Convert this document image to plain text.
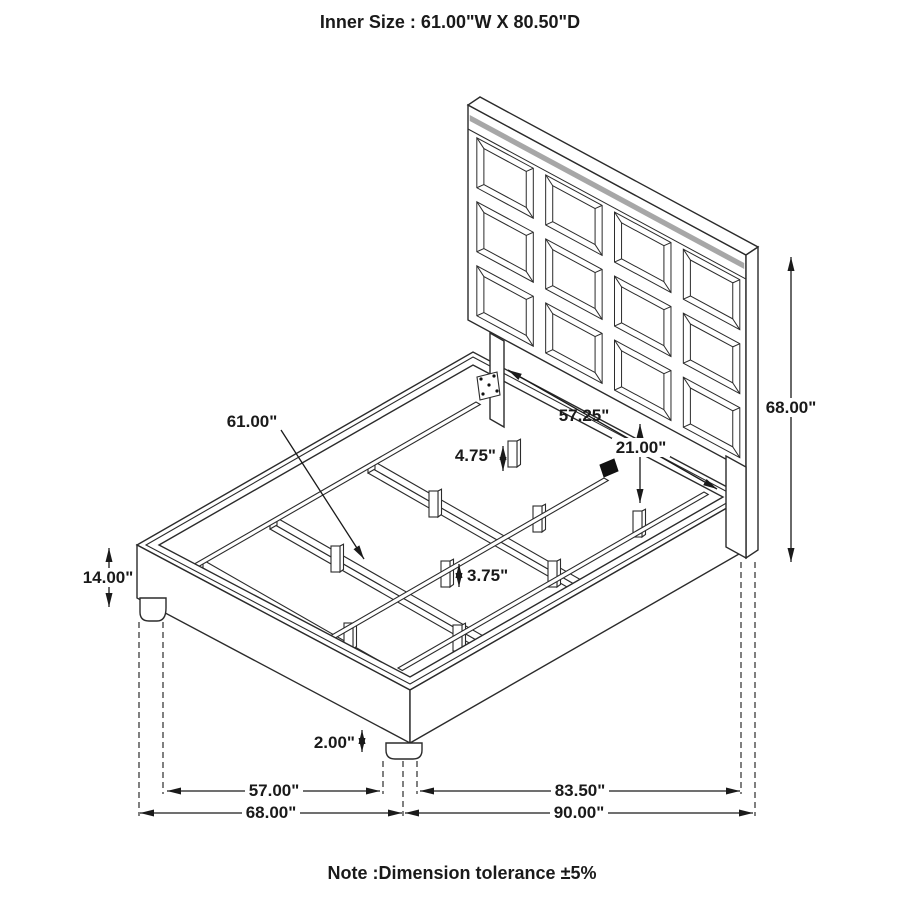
Inner Size : 61.00"W X 80.50"D
61.00"	57.25"
21.00"
4.75"
3.75"
68.00"
14.00"
2.00"
57.00"
68.00"
83.50"
90.00"
Note :Dimension tolerance ±5%
